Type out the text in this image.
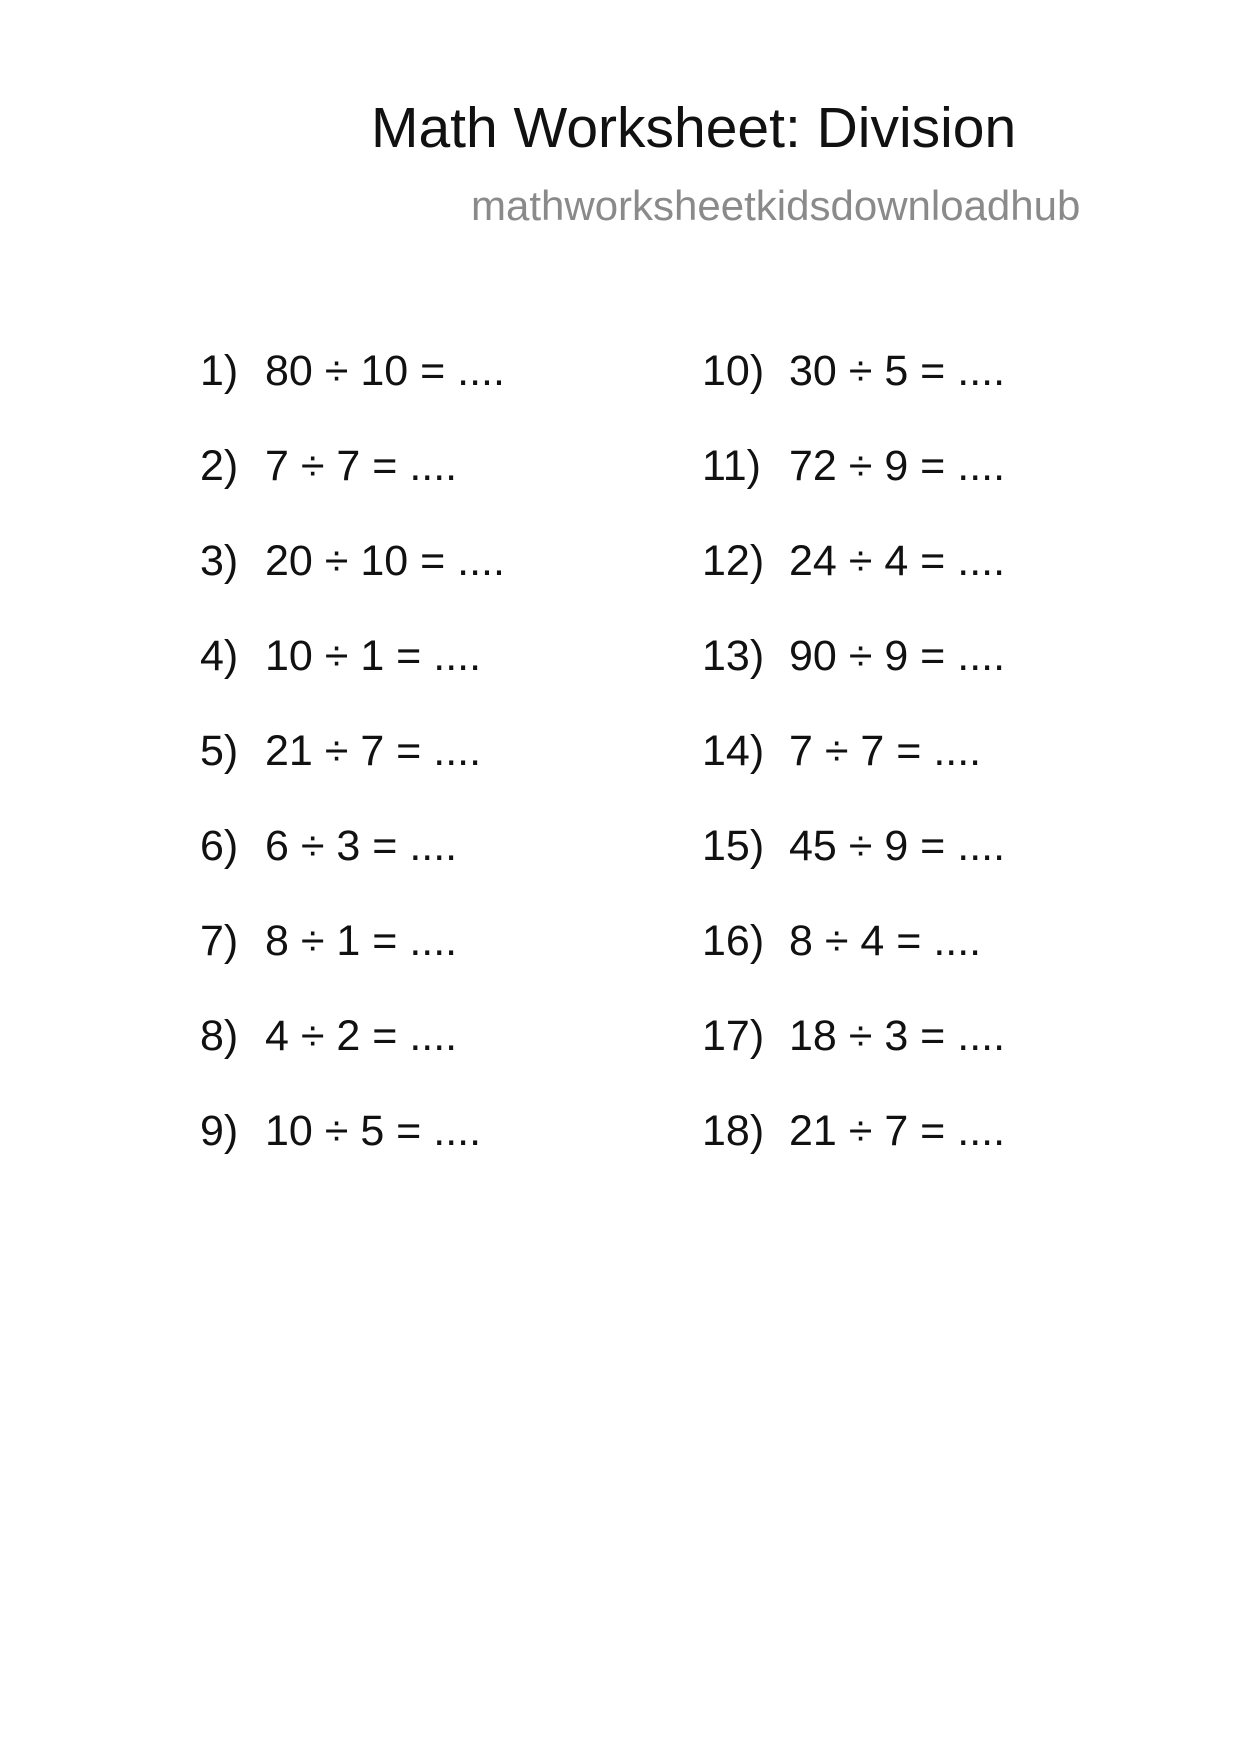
Math Worksheet: Division
mathworksheetkidsdownloadhub
1) 80 ÷ 10 = ....
2) 7 ÷ 7 = ....
3) 20 ÷ 10 = ....
4) 10 ÷ 1 = ....
5) 21 ÷ 7 = ....
6) 6 ÷ 3 = ....
7) 8 ÷ 1 = ....
8) 4 ÷ 2 = ....
9) 10 ÷ 5 = ....
10) 30 ÷ 5 = ....
11) 72 ÷ 9 = ....
12) 24 ÷ 4 = ....
13) 90 ÷ 9 = ....
14) 7 ÷ 7 = ....
15) 45 ÷ 9 = ....
16) 8 ÷ 4 = ....
17) 18 ÷ 3 = ....
18) 21 ÷ 7 = ....
